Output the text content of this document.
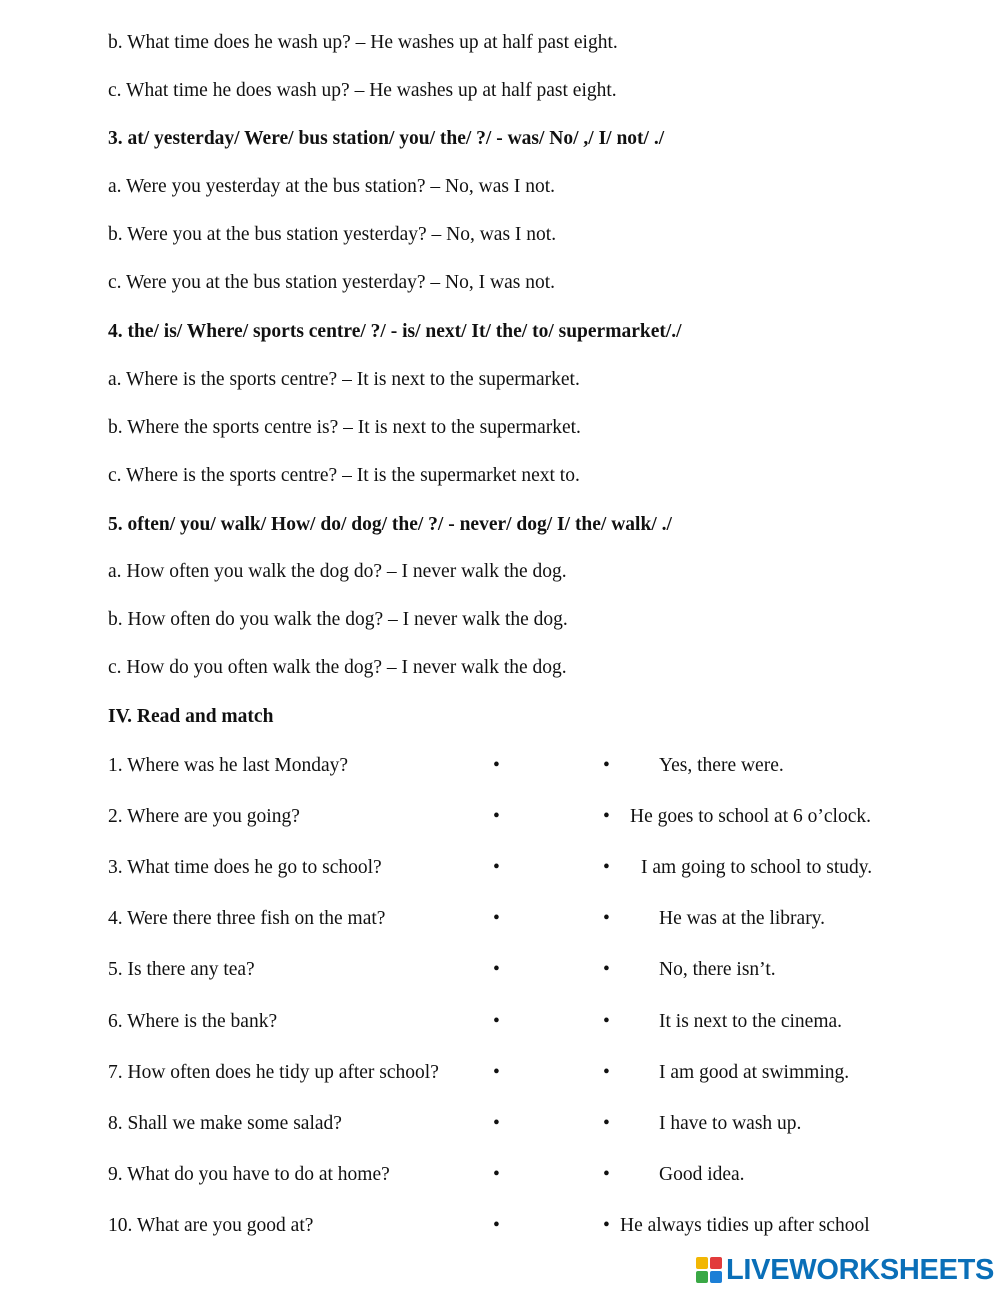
b. What time does he wash up? – He washes up at half past eight.
c. What time he does wash up? – He washes up at half past eight.
3. at/ yesterday/ Were/ bus station/ you/ the/ ?/ - was/ No/ ,/ I/ not/ ./
a. Were you yesterday at the bus station? – No, was I not.
b. Were you at the bus station yesterday? – No, was I not.
c. Were you at the bus station yesterday? – No, I was not.
4. the/ is/ Where/ sports centre/ ?/ - is/ next/ It/ the/ to/ supermarket/./
a. Where is the sports centre? – It is next to the supermarket.
b. Where the sports centre is? – It is next to the supermarket.
c. Where is the sports centre? – It is the supermarket next to.
5. often/ you/ walk/ How/ do/ dog/ the/ ?/ - never/ dog/ I/ the/ walk/ ./
a. How often you walk the dog do? – I never walk the dog.
b. How often do you walk the dog? – I never walk the dog.
c. How do you often walk the dog? – I never walk the dog.
IV. Read and match
1. Where was he last Monday?	•	•	Yes, there were.
2. Where are you going?	•	• He goes to school at 6 o’clock.
3. What time does he go to school?	•	• I am going to school to study.
4. Were there three fish on the mat?	•	•	He was at the library.
5. Is there any tea?	•	•	No, there isn’t.
6. Where is the bank?	•	•	It is next to the cinema.
7. How often does he tidy up after school?	•	•	I am good at swimming.
8. Shall we make some salad?	•	•	I have to wash up.
9. What do you have to do at home?	•	•	Good idea.
10. What are you good at?	•	• He always tidies up after school
LIVEWORKSHEETS
